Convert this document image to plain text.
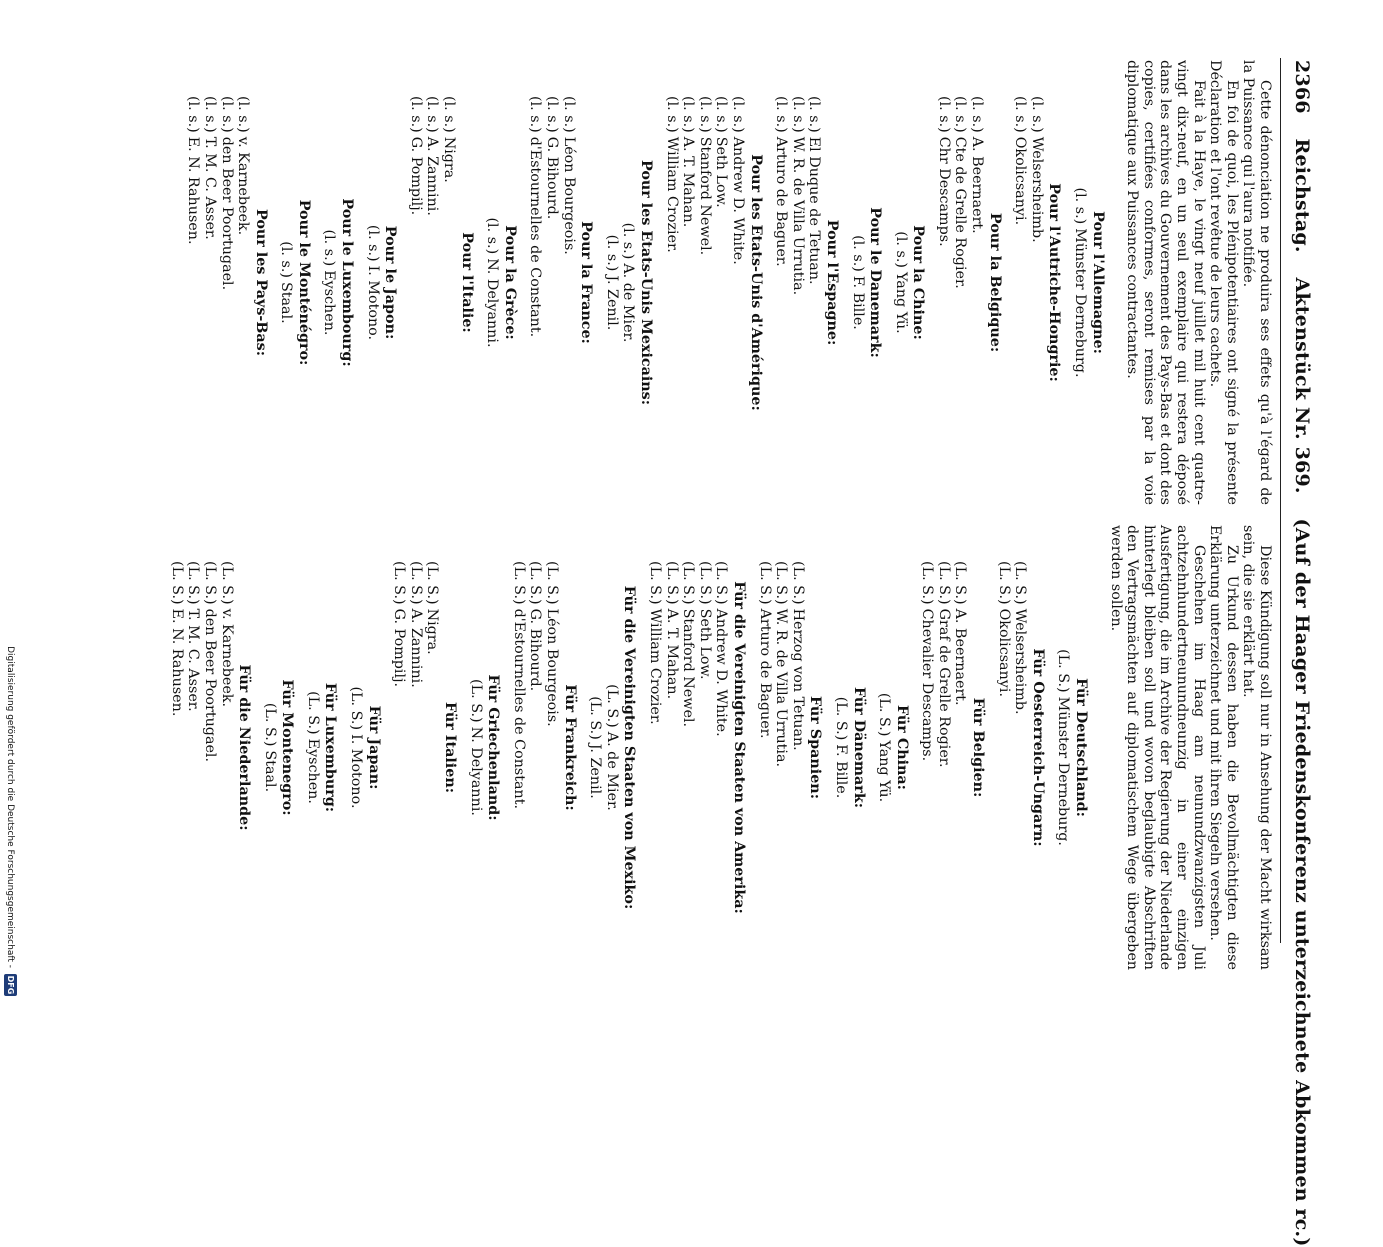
2366 Reichstag. Aktenstück Nr. 369. (Auf der Haager Friedenskonferenz unterzeichnete Abkommen rc.)

Cette dénonciation ne produira ses effets qu'à l'égard de la Puissance qui l'aura notifiée.

En foi de quoi, les Plénipotentiaires ont signé la présente Déclaration et l'ont revêtue de leurs cachets.

Fait à la Haye, le vingt neuf juillet mil huit cent quatre-vingt dix-neuf, en un seul exemplaire qui restera déposé dans les archives du Gouvernement des Pays-Bas et dont des copies, certifiées conformes, seront remises par la voie diplomatique aux Puissances contractantes.

Pour l'Allemagne:
(l. s.)Münster Derneburg.
Pour l'Autriche-Hongrie:
(l. s.)Welsersheimb.
(l. s.)Okolicsanyi.
Pour la Belgique:
(l. s.)A. Beernaert.
(l. s.)Cte de Grelle Rogier.
(l. s.)Chr Descamps.
Pour la Chine:
(l. s.)Yang Yü.
Pour le Danemark:
(l. s.)F. Bille.
Pour l'Espagne:
(l. s.)El Duque de Tetuan.
(l. s.)W. R. de Villa Urrutia.
(l. s.)Arturo de Baguer.
Pour les Etats-Unis d'Amérique:
(l. s.)Andrew D. White.
(l. s.)Seth Low.
(l. s.)Stanford Newel.
(l. s.)A. T. Mahan.
(l. s.)William Crozier.
Pour les Etats-Unis Mexicains:
(l. s.)A. de Mier.
(l. s.)J. Zenil.
Pour la France:
(l. s.)Léon Bourgeois.
(l. s.)G. Bihourd.
(l. s.)d'Estournelles de Constant.
Pour la Grèce:
(l. s.)N. Delyanni.
Pour l'Italie:
(l. s.)Nigra.
(l. s.)A. Zannini.
(l. s.)G. Pompilj.
Pour le Japon:
(l. s.)I. Motono.
Pour le Luxembourg:
(l. s.)Eyschen.
Pour le Monténégro:
(l. s.)Staal.
Pour les Pays-Bas:
(l. s.)v. Karnebeek.
(l. s.)den Beer Poortugael.
(l. s.)T. M. C. Asser.
(l. s.)E. N. Rahusen.

Diese Kündigung soll nur in Ansehung der Macht wirksam sein, die sie erklärt hat.

Zu Urkund dessen haben die Bevollmächtigten diese Erklärung unterzeichnet und mit ihren Siegeln versehen.

Geschehen im Haag am neunundzwanzigsten Juli achtzehnhundertneunundneunzig in einer einzigen Ausfertigung, die im Archive der Regierung der Niederlande hinterlegt bleiben soll und wovon beglaubigte Abschriften den Vertragsmächten auf diplomatischem Wege übergeben werden sollen.

Für Deutschland:
(L. S.)Münster Derneburg.
Für Oesterreich-Ungarn:
(L. S.)Welsersheimb.
(L. S.)Okolicsanyi.
Für Belgien:
(L. S.)A. Beernaert.
(L. S.)Graf de Grelle Rogier.
(L. S.)Chevalier Descamps.
Für China:
(L. S.)Yang Yü.
Für Dänemark:
(L. S.)F. Bille.
Für Spanien:
(L. S.)Herzog von Tetuan.
(L. S.)W. R. de Villa Urrutia.
(L. S.)Arturo de Baguer.
Für die Vereinigten Staaten von Amerika:
(L. S.)Andrew D. White.
(L. S.)Seth Low.
(L. S.)Stanford Newel.
(L. S.)A. T. Mahan.
(L. S.)William Crozier.
Für die Vereinigten Staaten von Mexiko:
(L. S.)A. de Mier.
(L. S.)J. Zenil.
Für Frankreich:
(L. S.)Léon Bourgeois.
(L. S.)G. Bihourd.
(L. S.)d'Estournelles de Constant.
Für Griechenland:
(L. S.)N. Delyanni.
Für Italien:
(L. S.)Nigra.
(L. S.)A. Zannini.
(L. S.)G. Pompilj.
Für Japan:
(L. S.)I. Motono.
Für Luxemburg:
(L. S.)Eyschen.
Für Montenegro:
(L. S.)Staal.
Für die Niederlande:
(L. S.)v. Karnebeek.
(L. S.)den Beer Poortugael.
(L. S.)T. M. C. Asser.
(L. S.)E. N. Rahusen.
Digitalisierung gefördert durch die Deutsche Forschungsgemeinschaft -
DFG
